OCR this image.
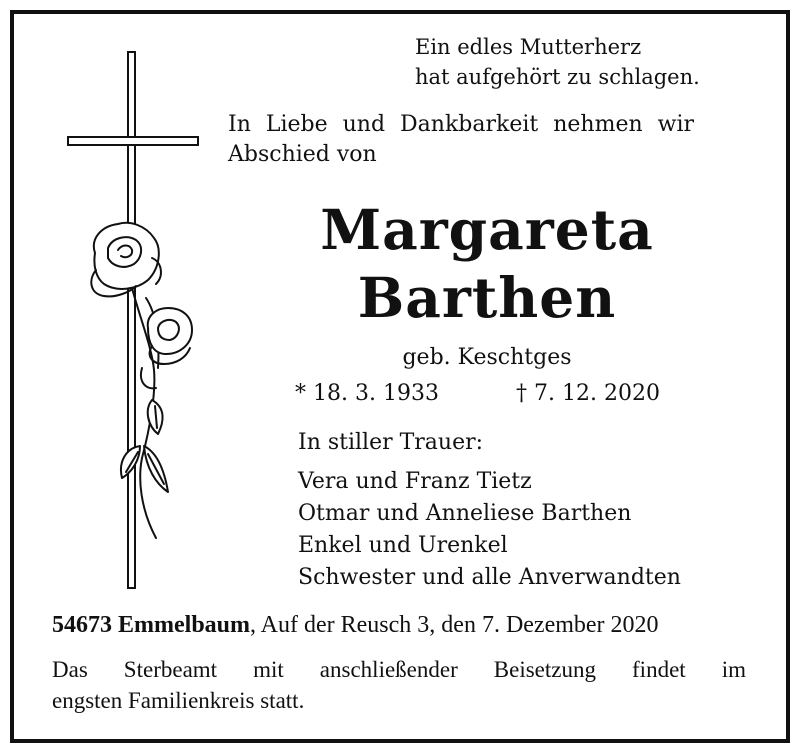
Ein edles Mutterherz
hat aufgehört zu schlagen.
In Liebe und Dankbarkeit nehmen wir
Abschied von
Margareta
Barthen
geb. Keschtges
* 18. 3. 1933	† 7. 12. 2020
In stiller Trauer:
Vera und Franz Tietz
Otmar und Anneliese Barthen
Enkel und Urenkel
Schwester und alle Anverwandten
54673 Emmelbaum, Auf der Reusch 3, den 7. Dezember 2020
Das Sterbeamt mit anschließender Beisetzung findet im
engsten Familienkreis statt.
